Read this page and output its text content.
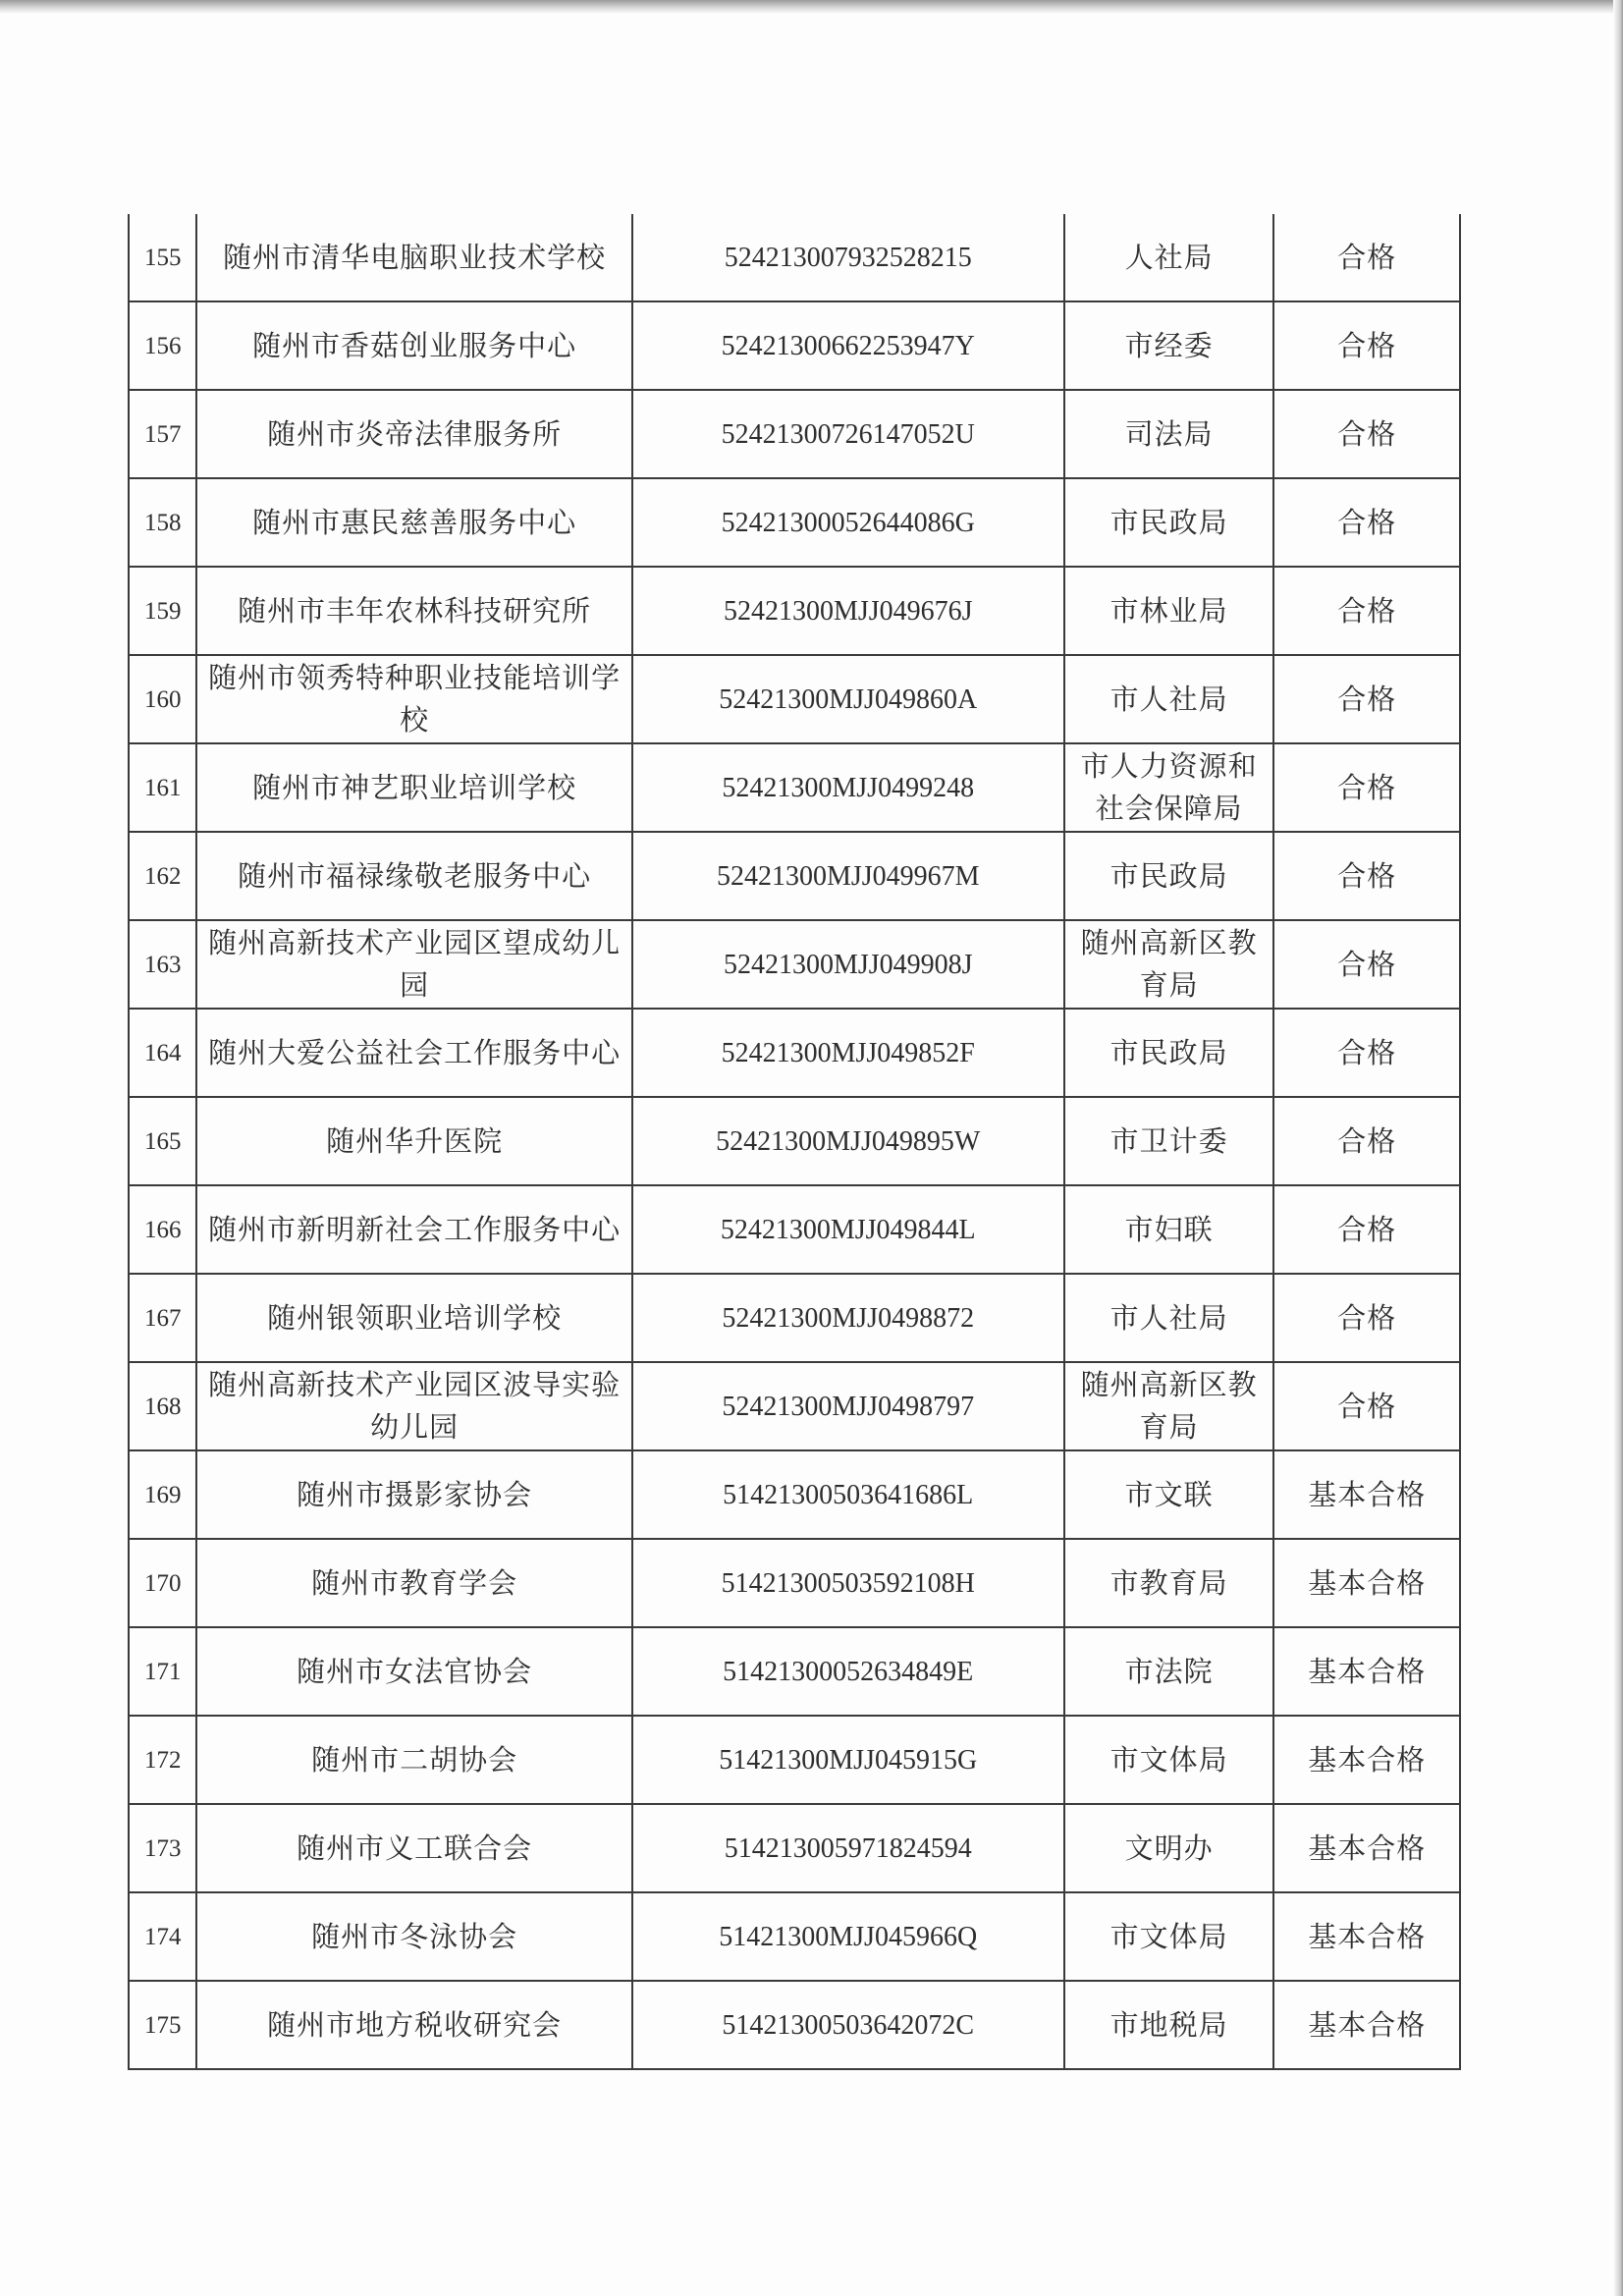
155	随州市清华电脑职业技术学校	524213007932528215	人社局	合格
156	随州市香菇创业服务中心	52421300662253947Y	市经委	合格
157	随州市炎帝法律服务所	52421300726147052U	司法局	合格
158	随州市惠民慈善服务中心	52421300052644086G	市民政局	合格
159	随州市丰年农林科技研究所	52421300MJJ049676J	市林业局	合格
160	随州市领秀特种职业技能培训学校	52421300MJJ049860A	市人社局	合格
161	随州市神艺职业培训学校	52421300MJJ0499248	市人力资源和社会保障局	合格
162	随州市福禄缘敬老服务中心	52421300MJJ049967M	市民政局	合格
163	随州高新技术产业园区望成幼儿园	52421300MJJ049908J	随州高新区教育局	合格
164	随州大爱公益社会工作服务中心	52421300MJJ049852F	市民政局	合格
165	随州华升医院	52421300MJJ049895W	市卫计委	合格
166	随州市新明新社会工作服务中心	52421300MJJ049844L	市妇联	合格
167	随州银领职业培训学校	52421300MJJ0498872	市人社局	合格
168	随州高新技术产业园区波导实验幼儿园	52421300MJJ0498797	随州高新区教育局	合格
169	随州市摄影家协会	51421300503641686L	市文联	基本合格
170	随州市教育学会	51421300503592108H	市教育局	基本合格
171	随州市女法官协会	51421300052634849E	市法院	基本合格
172	随州市二胡协会	51421300MJJ045915G	市文体局	基本合格
173	随州市义工联合会	514213005971824594	文明办	基本合格
174	随州市冬泳协会	51421300MJJ045966Q	市文体局	基本合格
175	随州市地方税收研究会	51421300503642072C	市地税局	基本合格
